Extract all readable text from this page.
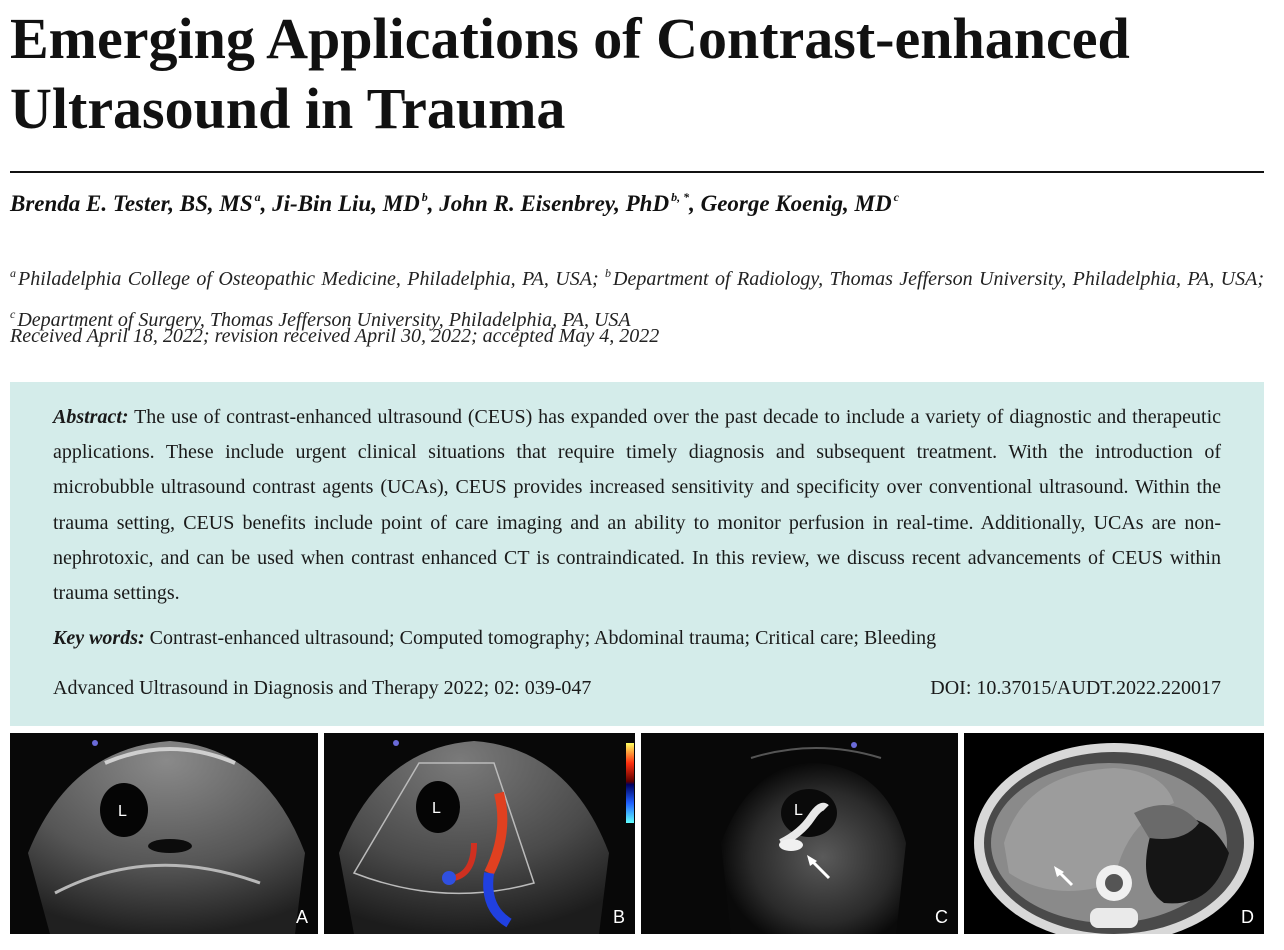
Emerging Applications of Contrast-enhanced Ultrasound in Trauma
Brenda E. Tester, BS, MS $^a$, Ji-Bin Liu, MD $^b$, John R. Eisenbrey, PhD $^{b, *}$, George Koenig, MD $^c$
$^a$ Philadelphia College of Osteopathic Medicine, Philadelphia, PA, USA; $^b$ Department of Radiology, Thomas Jefferson University, Philadelphia, PA, USA; $^c$ Department of Surgery, Thomas Jefferson University, Philadelphia, PA, USA
Received April 18, 2022; revision received April 30, 2022; accepted May 4, 2022

Abstract: The use of contrast-enhanced ultrasound (CEUS) has expanded over the past decade to include a variety of diagnostic and therapeutic applications. These include urgent clinical situations that require timely diagnosis and subsequent treatment. With the introduction of microbubble ultrasound contrast agents (UCAs), CEUS provides increased sensitivity and specificity over conventional ultrasound. Within the trauma setting, CEUS benefits include point of care imaging and an ability to monitor perfusion in real-time. Additionally, UCAs are non-nephrotoxic, and can be used when contrast enhanced CT is contraindicated. In this review, we discuss recent advancements of CEUS within trauma settings.

Key words: Contrast-enhanced ultrasound; Computed tomography; Abdominal trauma; Critical care; Bleeding
Advanced Ultrasound in Diagnosis and Therapy 2022; 02: 039-047	DOI: 10.37015/AUDT.2022.220017
L
A
L
B
L
C	D
